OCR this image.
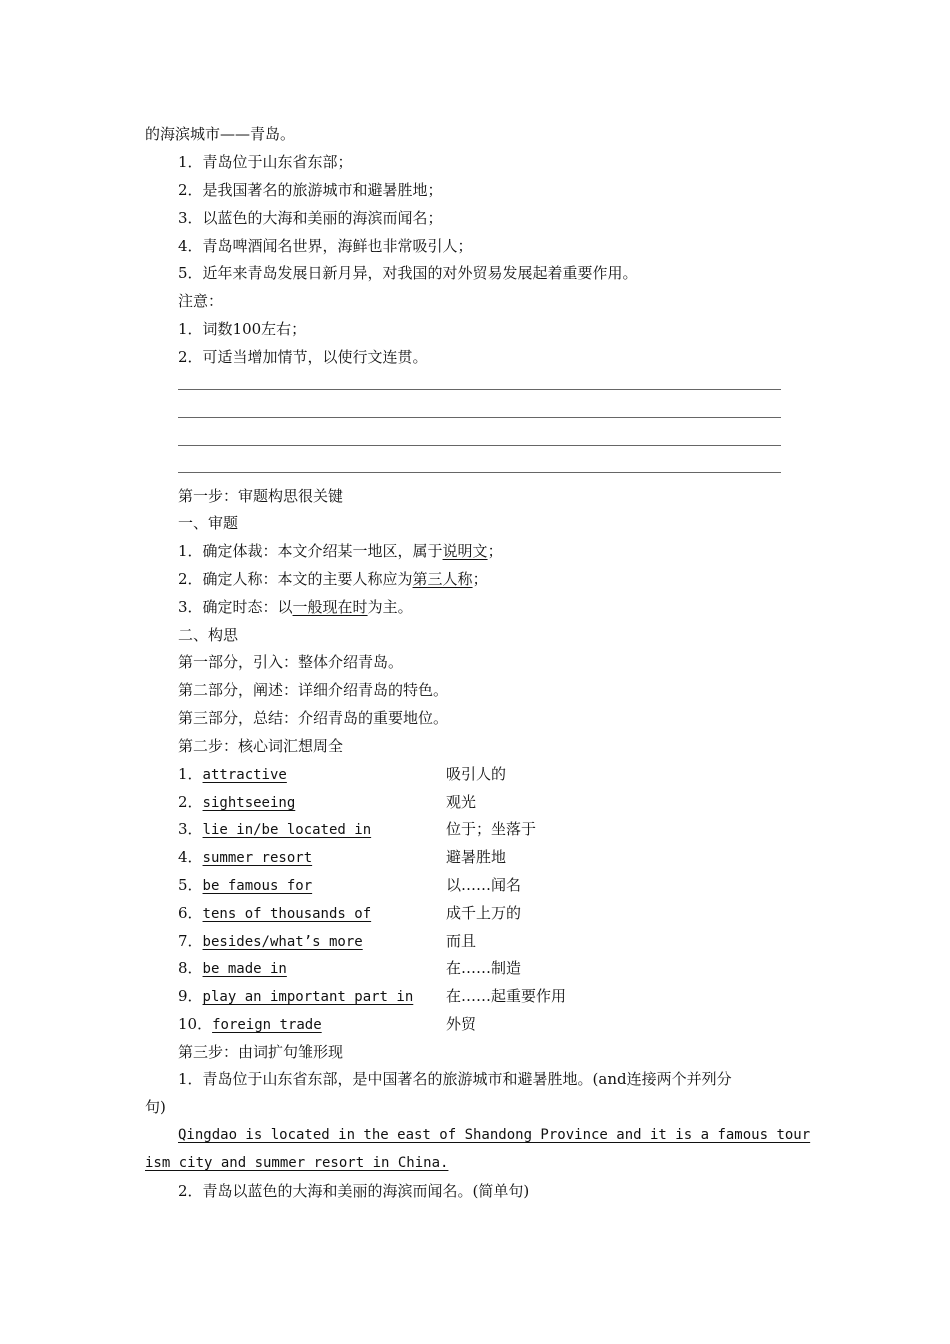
的海滨城市——青岛。
1．青岛位于山东省东部；
2．是我国著名的旅游城市和避暑胜地；
3．以蓝色的大海和美丽的海滨而闻名；
4．青岛啤酒闻名世界，海鲜也非常吸引人；
5．近年来青岛发展日新月异，对我国的对外贸易发展起着重要作用。
注意：
1．词数100左右；
2．可适当增加情节，以使行文连贯。
第一步：审题构思很关键
一、审题
1．确定体裁：本文介绍某一地区，属于说明文；
2．确定人称：本文的主要人称应为第三人称；
3．确定时态：以一般现在时为主。
二、构思
第一部分，引入：整体介绍青岛。
第二部分，阐述：详细介绍青岛的特色。
第三部分，总结：介绍青岛的重要地位。
第二步：核心词汇想周全
1．attractive	吸引人的
2．sightseeing	观光
3．lie in/be located in	位于；坐落于
4．summer resort	避暑胜地
5．be famous for	以……闻名
6．tens of thousands of	成千上万的
7．besides/what’s more	而且
8．be made in	在……制造
9．play an important part in 在……起重要作用
10．foreign trade	外贸
第三步：由词扩句雏形现
1．青岛位于山东省东部，是中国著名的旅游城市和避暑胜地。(and连接两个并列分
句)
Qingdao is located in the east of Shandong Province and it is a famous tour
ism city and summer resort in China.
2．青岛以蓝色的大海和美丽的海滨而闻名。(简单句)
